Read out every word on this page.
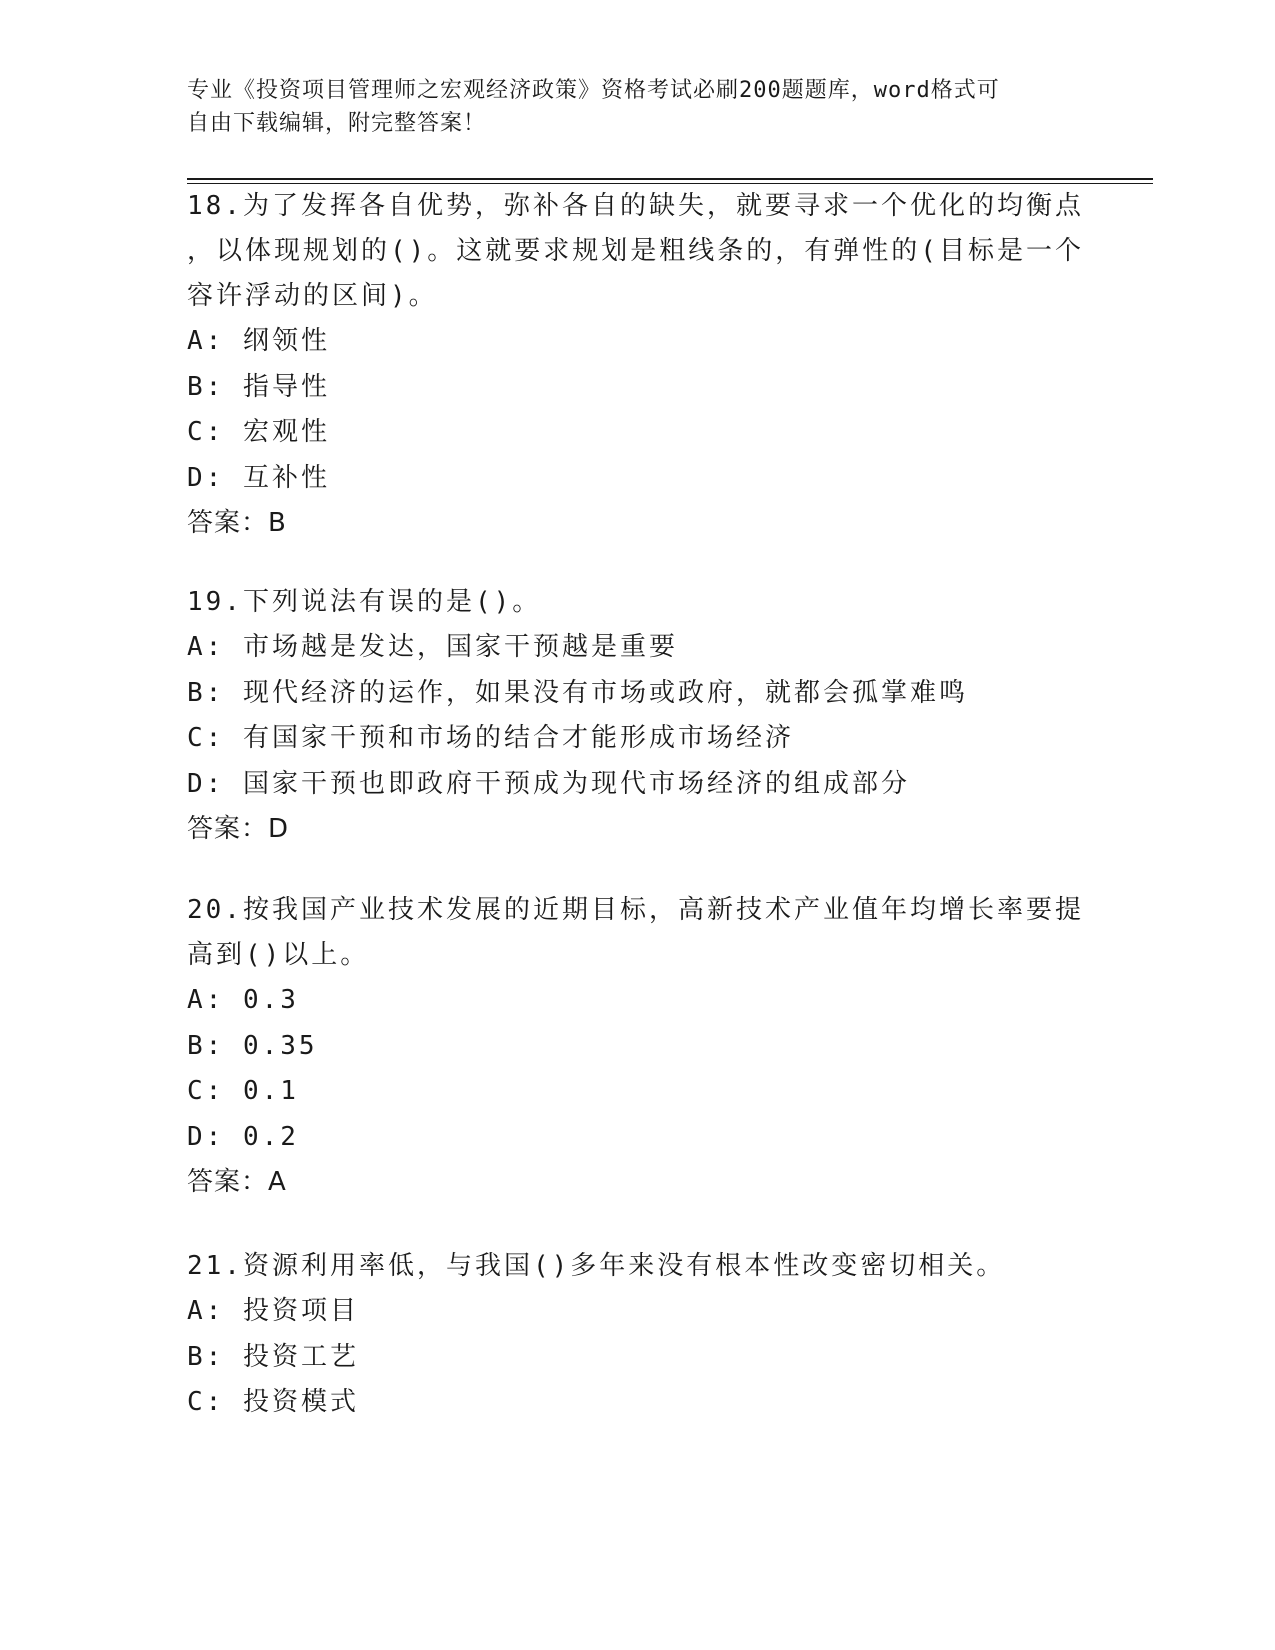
专业《投资项目管理师之宏观经济政策》资格考试必刷200题题库，word格式可
自由下载编辑，附完整答案！
18.为了发挥各自优势，弥补各自的缺失，就要寻求一个优化的均衡点
，以体现规划的()。这就要求规划是粗线条的，有弹性的(目标是一个
容许浮动的区间)。
A: 纲领性
B: 指导性
C: 宏观性
D: 互补性
答案：B
19.下列说法有误的是()。
A: 市场越是发达，国家干预越是重要
B: 现代经济的运作，如果没有市场或政府，就都会孤掌难鸣
C: 有国家干预和市场的结合才能形成市场经济
D: 国家干预也即政府干预成为现代市场经济的组成部分
答案：D
20.按我国产业技术发展的近期目标，高新技术产业值年均增长率要提
高到()以上。
A: 0.3
B: 0.35
C: 0.1
D: 0.2
答案：A
21.资源利用率低，与我国()多年来没有根本性改变密切相关。
A: 投资项目
B: 投资工艺
C: 投资模式
